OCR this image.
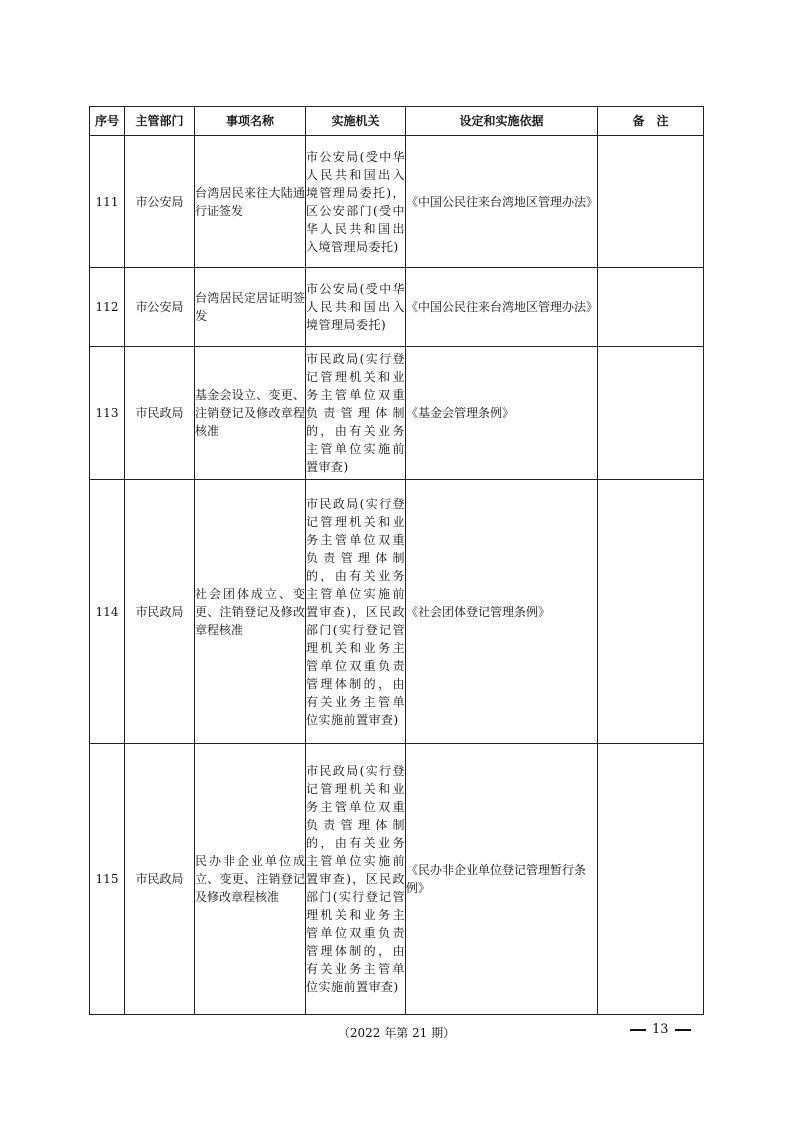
序号	主管部门	事项名称	实施机关	设定和实施依据	备　注
111	市公安局	台湾居民来往大陆通行证签发	市公安局(受中华人民共和国出入境管理局委托)，区公安部门(受中华人民共和国出入境管理局委托)	《中国公民往来台湾地区管理办法》	
112	市公安局	台湾居民定居证明签发	市公安局(受中华人民共和国出入境管理局委托)	《中国公民往来台湾地区管理办法》	
113	市民政局	基金会设立、变更、注销登记及修改章程核准	市民政局(实行登记管理机关和业务主管单位双重负责管理体制的，由有关业务主管单位实施前置审查)	《基金会管理条例》	
114	市民政局	社会团体成立、变更、注销登记及修改章程核准	市民政局(实行登记管理机关和业务主管单位双重负责管理体制的，由有关业务主管单位实施前置审查)，区民政部门(实行登记管理机关和业务主管单位双重负责管理体制的，由有关业务主管单位实施前置审查)	《社会团体登记管理条例》	
115	市民政局	民办非企业单位成立、变更、注销登记及修改章程核准	市民政局(实行登记管理机关和业务主管单位双重负责管理体制的，由有关业务主管单位实施前置审查)，区民政部门(实行登记管理机关和业务主管单位双重负责管理体制的，由有关业务主管单位实施前置审查)	《民办非企业单位登记管理暂行条例》	
（2022 年第 21 期）	13
